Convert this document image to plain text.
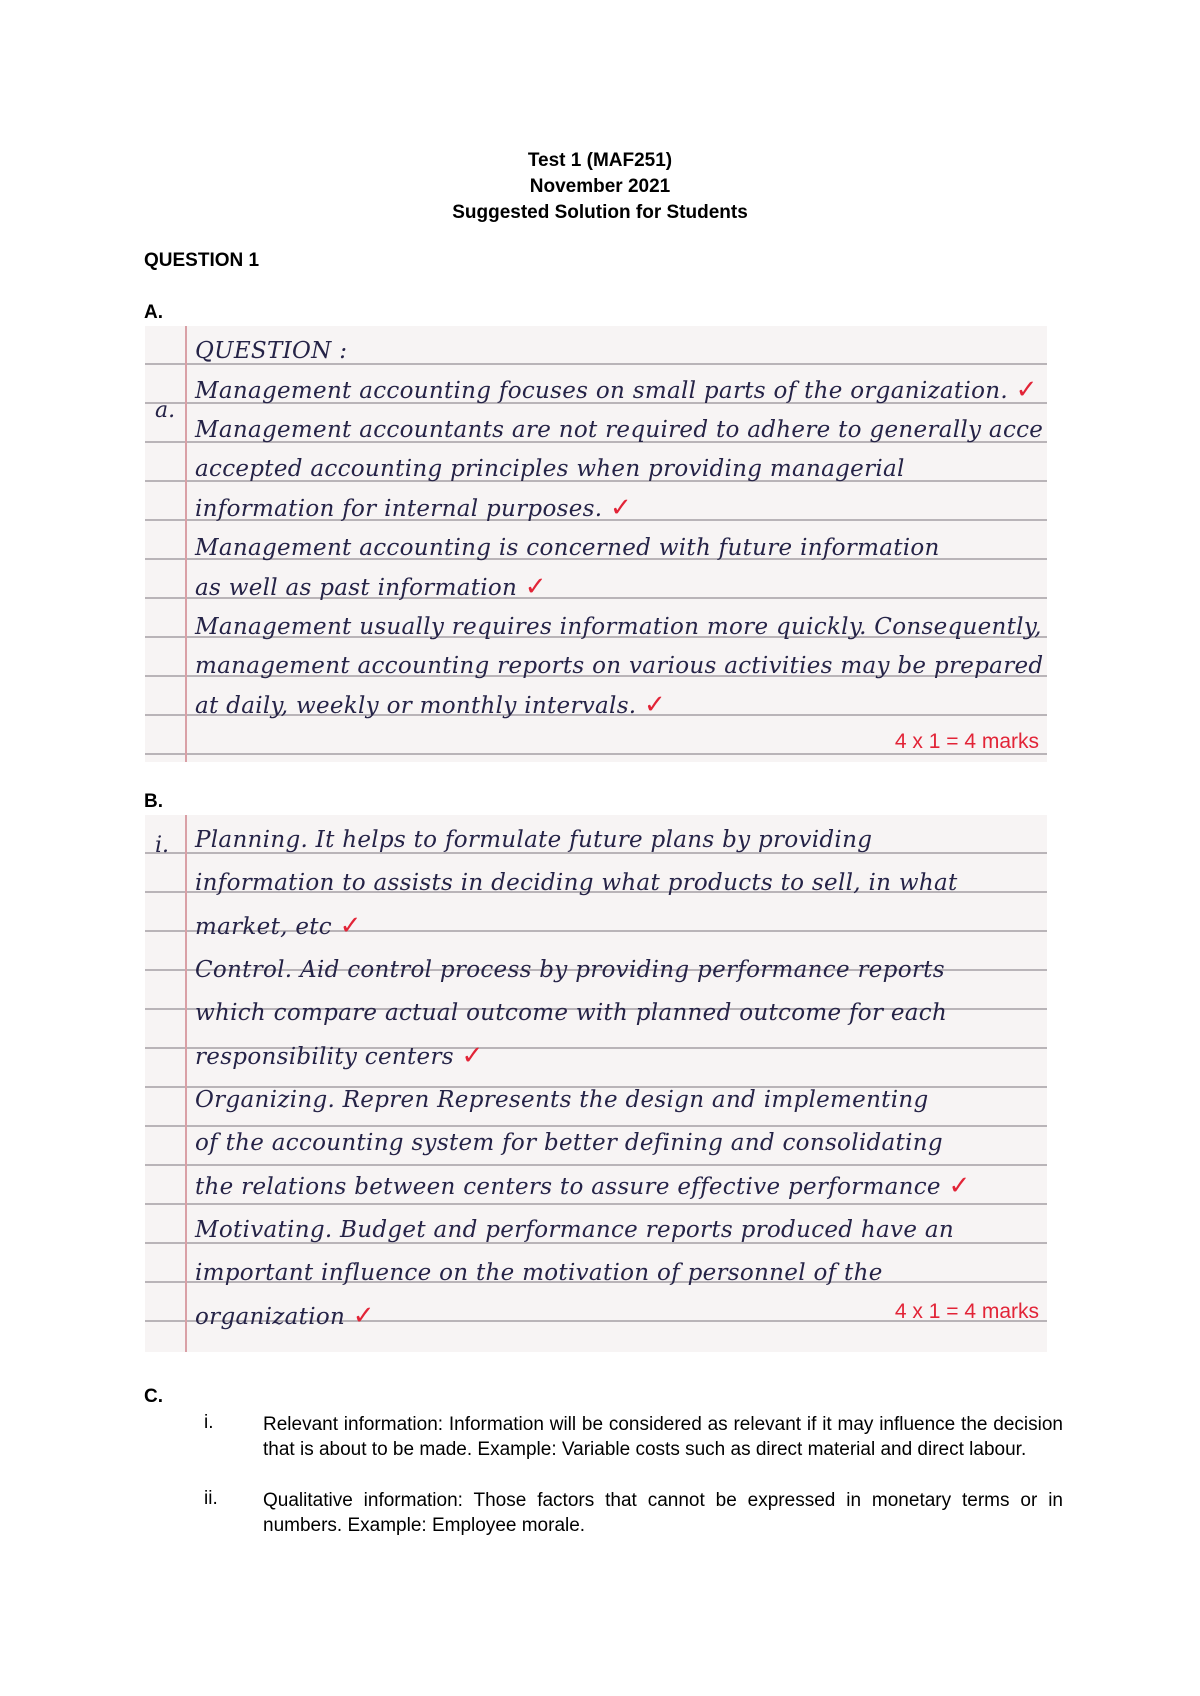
Test 1 (MAF251)
November 2021
Suggested Solution for Students
QUESTION 1
A.
a.
QUESTION :
Management accounting focuses on small parts of the organization. ✓
Management accountants are not required to adhere to generally acce
accepted accounting principles when providing managerial
information for internal purposes. ✓
Management accounting is concerned with future information
as well as past information ✓
Management usually requires information more quickly. Consequently,
management accounting reports on various activities may be prepared
at daily, weekly or monthly intervals. ✓
4 x 1 = 4 marks
B.
i. Planning. It helps to formulate future plans by providing
information to assists in deciding what products to sell, in what
market, etc ✓
Control. Aid control process by providing performance reports
which compare actual outcome with planned outcome for each
responsibility centers ✓
Organizing. Repren Represents the design and implementing
of the accounting system for better defining and consolidating
the relations between centers to assure effective performance ✓
Motivating. Budget and performance reports produced have an
important influence on the motivation of personnel of the
organization ✓	4 x 1 = 4 marks
C.
i.	Relevant information: Information will be considered as relevant if it may influence the decision that is about to be made. Example: Variable costs such as direct material and direct labour.
ii. Qualitative information: Those factors that cannot be expressed in monetary terms or in numbers. Example: Employee morale.
